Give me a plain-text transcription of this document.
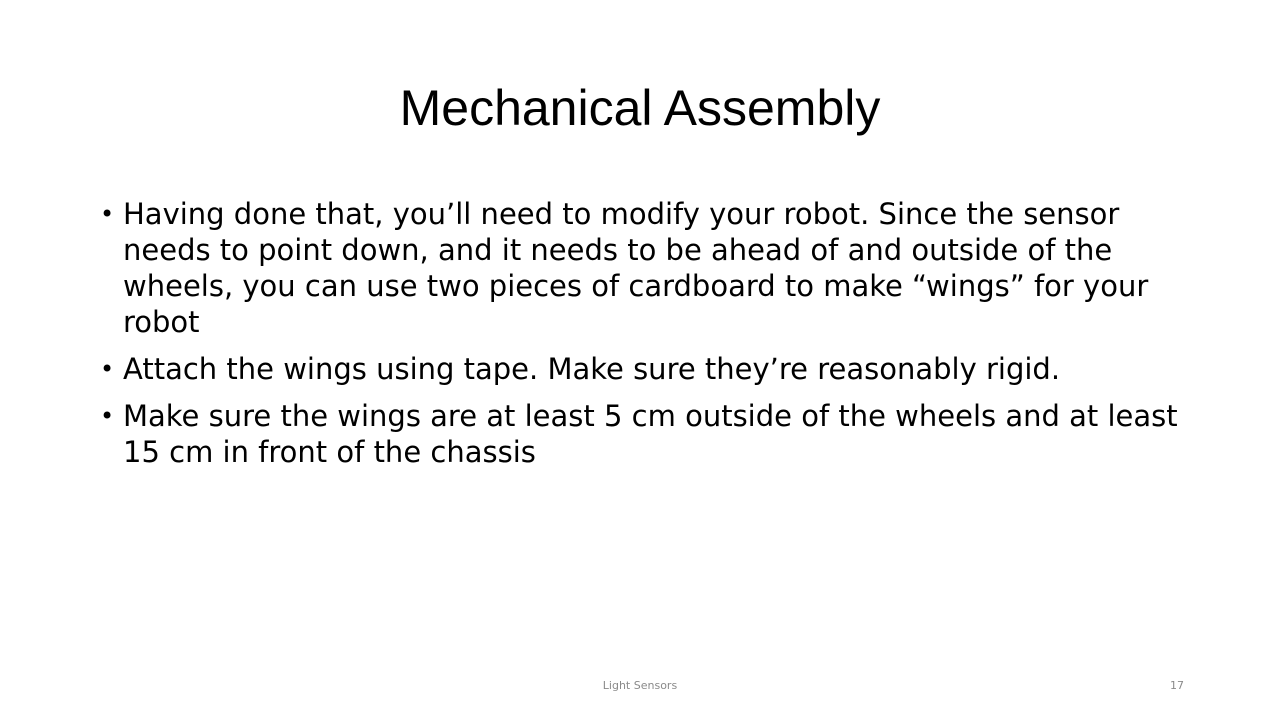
Mechanical Assembly
• Having done that, you’ll need to modify your robot. Since the sensor needs to point down, and it needs to be ahead of and outside of the wheels, you can use two pieces of cardboard to make “wings” for your robot
• Attach the wings using tape. Make sure they’re reasonably rigid.
• Make sure the wings are at least 5 cm outside of the wheels and at least 15 cm in front of the chassis
Light Sensors	17
